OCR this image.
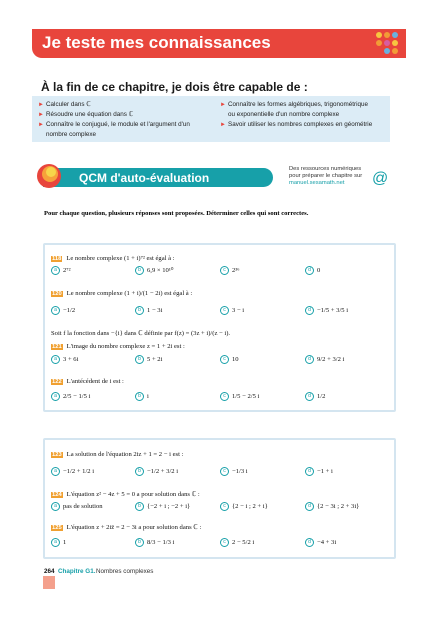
Je teste mes connaissances
À la fin de ce chapitre, je dois être capable de :
► Calculer dans ℂ
► Résoudre une équation dans ℂ
► Connaître le conjugué, le module et l'argument d'un
nombre complexe
► Connaître les formes algébriques, trigonométrique
ou exponentielle d'un nombre complexe
► Savoir utiliser les nombres complexes en géométrie
QCM d'auto-évaluation
Des ressources numériques
pour préparer le chapitre sur
manuel.sesamath.net	@
Pour chaque question, plusieurs réponses sont proposées. Déterminer celles qui sont correctes.
118 Le nombre complexe (1 + i)⁷² est égal à :
a 2⁷²	b 6,9 × 10¹⁰	c 2³⁶	d 0
120 Le nombre complexe (1 + i)/(1 − 2i) est égal à :
a −1/2	b 1 − 3i	c 3 − i	d −1/5 + 3/5 i
Soit f la fonction dans −{i} dans ℂ définie par f(z) = (3z + i)/(z − i).
121 L'image du nombre complexe z = 1 + 2i est :
a 3 + 6i	b 5 + 2i	c 10	d 9/2 + 3/2 i
122 L'antécédent de i est :
a 2/5 − 1/5 i	b i	c 1/5 − 2/5 i	d 1/2
123 La solution de l'équation 2iz + 1 = 2 − i est :
a −1/2 + 1/2 i	b −1/2 + 3/2 i	c −1/3 i	d −1 + i
124 L'équation z² − 4z + 5 = 0 a pour solution dans ℂ :
a pas de solution	b {−2 + i ; −2 + i}	c {2 − i ; 2 + i}	d {2 − 3i ; 2 + 3i}
125 L'équation z + 2iz̄ = 2 − 3i a pour solution dans ℂ :
a 1	b 8/3 − 1/3 i	c 2 − 5/2 i	d −4 + 3i
264 Chapitre G1. Nombres complexes
